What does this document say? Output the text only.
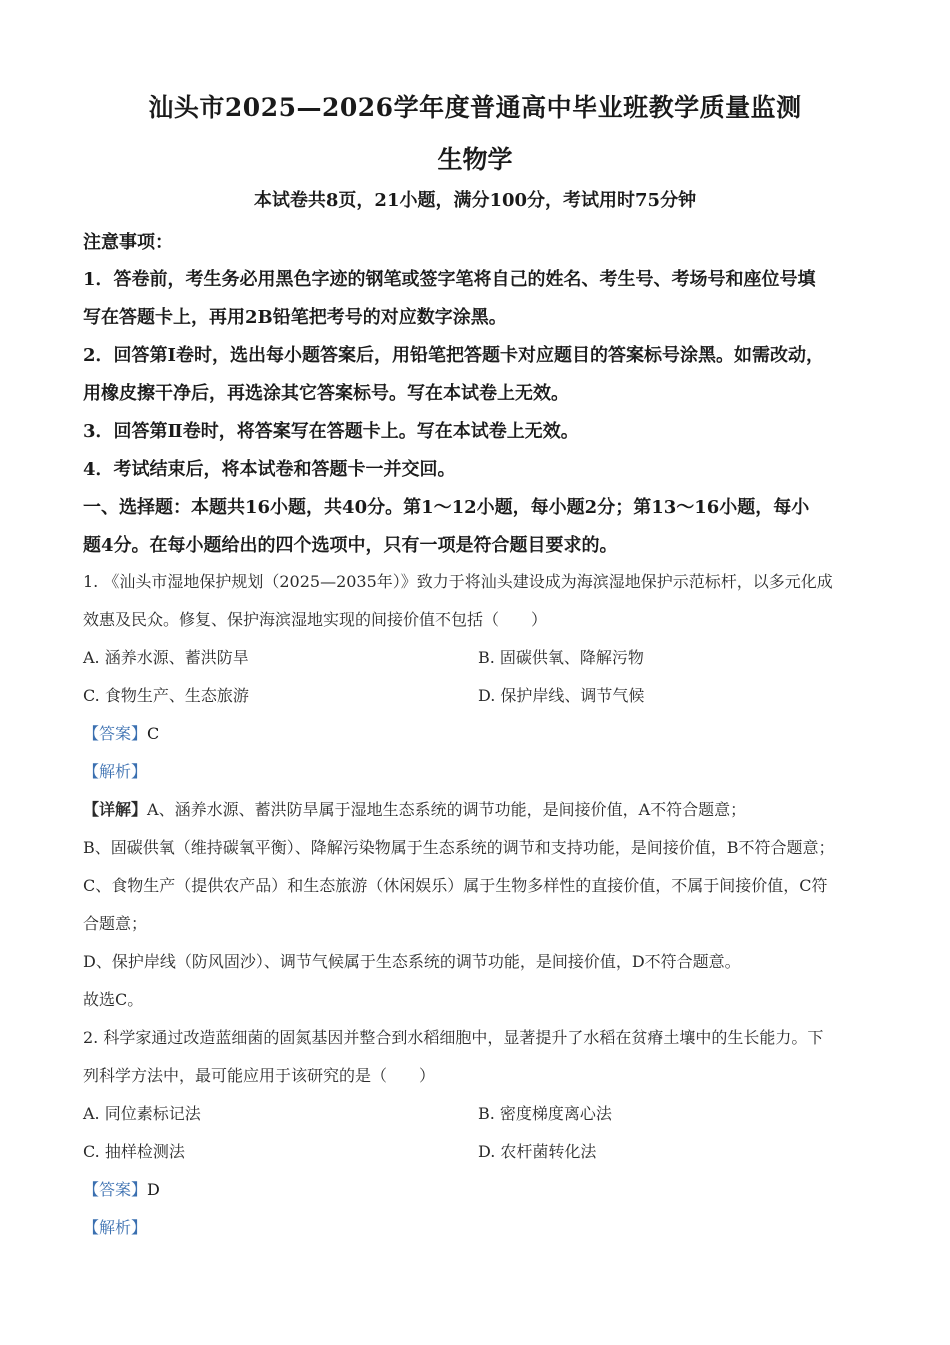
汕头市2025—2026学年度普通高中毕业班教学质量监测
生物学
本试卷共8页，21小题，满分100分，考试用时75分钟
注意事项：
1．答卷前，考生务必用黑色字迹的钢笔或签字笔将自己的姓名、考生号、考场号和座位号填
写在答题卡上，再用2B铅笔把考号的对应数字涂黑。
2．回答第Ⅰ卷时，选出每小题答案后，用铅笔把答题卡对应题目的答案标号涂黑。如需改动，
用橡皮擦干净后，再选涂其它答案标号。写在本试卷上无效。
3．回答第Ⅱ卷时，将答案写在答题卡上。写在本试卷上无效。
4．考试结束后，将本试卷和答题卡一并交回。
一、选择题：本题共16小题，共40分。第1～12小题，每小题2分；第13～16小题，每小
题4分。在每小题给出的四个选项中，只有一项是符合题目要求的。
1. 《汕头市湿地保护规划（2025—2035年）》致力于将汕头建设成为海滨湿地保护示范标杆，以多元化成
效惠及民众。修复、保护海滨湿地实现的间接价值不包括（　　）
A. 涵养水源、蓄洪防旱	B. 固碳供氧、降解污物
C. 食物生产、生态旅游	D. 保护岸线、调节气候
【答案】C
【解析】
【详解】A、涵养水源、蓄洪防旱属于湿地生态系统的调节功能，是间接价值，A不符合题意；
B、固碳供氧（维持碳氧平衡）、降解污染物属于生态系统的调节和支持功能，是间接价值，B不符合题意；
C、食物生产（提供农产品）和生态旅游（休闲娱乐）属于生物多样性的直接价值，不属于间接价值，C符
合题意；
D、保护岸线（防风固沙）、调节气候属于生态系统的调节功能，是间接价值，D不符合题意。
故选C。
2. 科学家通过改造蓝细菌的固氮基因并整合到水稻细胞中，显著提升了水稻在贫瘠土壤中的生长能力。下
列科学方法中，最可能应用于该研究的是（　　）
A. 同位素标记法	B. 密度梯度离心法
C. 抽样检测法	D. 农杆菌转化法
【答案】D
【解析】
